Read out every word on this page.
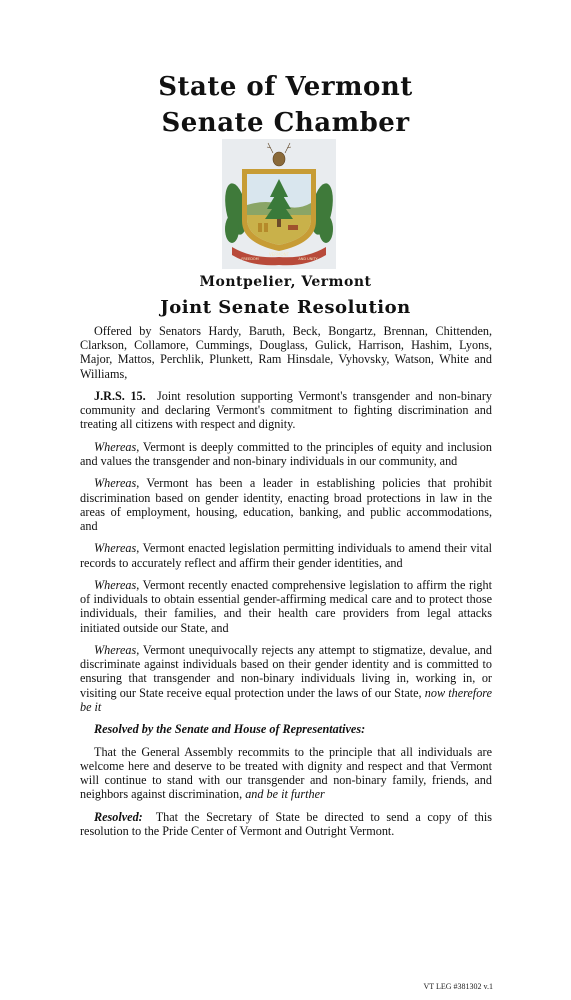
State of Vermont
Senate Chamber
VERMONT
FREEDOM	AND UNITY
Montpelier, Vermont
Joint Senate Resolution

Offered by Senators Hardy, Baruth, Beck, Bongartz, Brennan, Chittenden, Clarkson, Collamore, Cummings, Douglass, Gulick, Harrison, Hashim, Lyons, Major, Mattos, Perchlik, Plunkett, Ram Hinsdale, Vyhovsky, Watson, White and Williams,

J.R.S. 15. Joint resolution supporting Vermont's transgender and non-binary community and declaring Vermont's commitment to fighting discrimination and treating all citizens with respect and dignity.

Whereas, Vermont is deeply committed to the principles of equity and inclusion and values the transgender and non-binary individuals in our community, and

Whereas, Vermont has been a leader in establishing policies that prohibit discrimination based on gender identity, enacting broad protections in law in the areas of employment, housing, education, banking, and public accommodations, and

Whereas, Vermont enacted legislation permitting individuals to amend their vital records to accurately reflect and affirm their gender identities, and

Whereas, Vermont recently enacted comprehensive legislation to affirm the right of individuals to obtain essential gender-affirming medical care and to protect those individuals, their families, and their health care providers from legal attacks initiated outside our State, and

Whereas, Vermont unequivocally rejects any attempt to stigmatize, devalue, and discriminate against individuals based on their gender identity and is committed to ensuring that transgender and non-binary individuals living in, working in, or visiting our State receive equal protection under the laws of our State, now therefore be it

Resolved by the Senate and House of Representatives:

That the General Assembly recommits to the principle that all individuals are welcome here and deserve to be treated with dignity and respect and that Vermont will continue to stand with our transgender and non-binary family, friends, and neighbors against discrimination, and be it further

Resolved: That the Secretary of State be directed to send a copy of this resolution to the Pride Center of Vermont and Outright Vermont.

VT LEG #381302 v.1
